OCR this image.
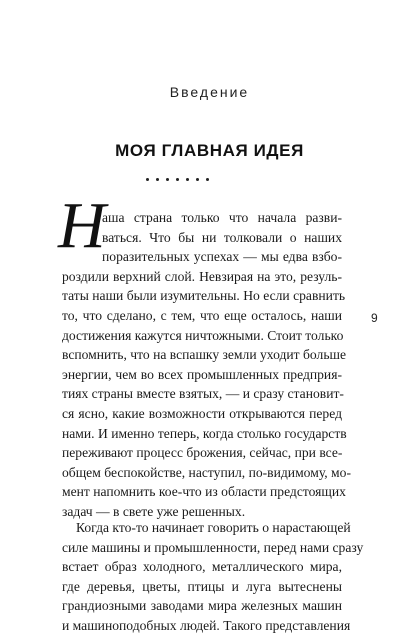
Введение
МОЯ ГЛАВНАЯ ИДЕЯ
Н
аша страна только что начала разви-
ваться. Что бы ни толковали о наших
поразительных успехах — мы едва взбо-
роздили верхний слой. Невзирая на это, резуль-
таты наши были изумительны. Но если сравнить
то, что сделано, с тем, что еще осталось, наши
достижения кажутся ничтожными. Стоит только
вспомнить, что на вспашку земли уходит больше
энергии, чем во всех промышленных предприя-
тиях страны вместе взятых, — и сразу становит-
ся ясно, какие возможности открываются перед
нами. И именно теперь, когда столько государств
переживают процесс брожения, сейчас, при все-
общем беспокойстве, наступил, по-видимому, мо-
мент напомнить кое-что из области предстоящих
задач — в свете уже решенных.
Когда кто-то начинает говорить о нарастающей
силе машины и промышленности, перед нами сразу
встает образ холодного, металлического мира,
где деревья, цветы, птицы и луга вытеснены
грандиозными заводами мира железных машин
и машиноподобных людей. Такого представления
9
